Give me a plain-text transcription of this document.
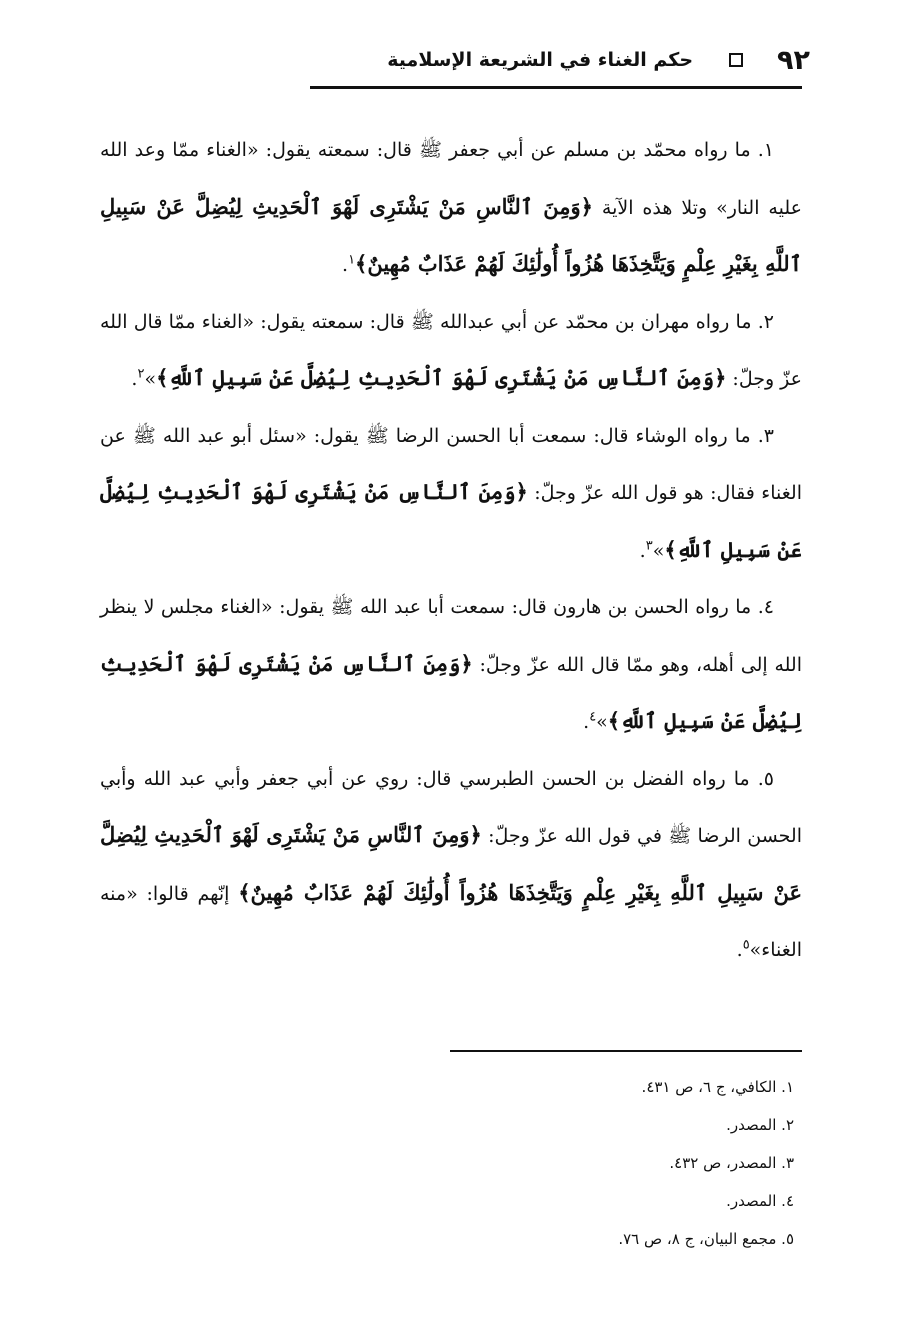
٩٢
حكم الغناء في الشريعة الإسلامية

١. ما رواه محمّد بن مسلم عن أبي جعفر ﷺ قال: سمعته يقول: «الغناء ممّا وعد الله عليه النار» وتلا هذه الآية ﴿وَمِنَ ٱلنَّاسِ مَنْ يَشْتَرِى لَهْوَ ٱلْحَدِيثِ لِيُضِلَّ عَنْ سَبِيلِ ٱللَّهِ بِغَيْرِ عِلْمٍ وَيَتَّخِذَهَا هُزُواً أُولَٰئِكَ لَهُمْ عَذَابٌ مُهِينٌ﴾$^١$.

٢. ما رواه مهران بن محمّد عن أبي عبدالله ﷺ قال: سمعته يقول: «الغناء ممّا قال الله عزّ وجلّ: ﴿وَمِنَ ٱلنَّاسِ مَنْ يَشْتَرِى لَهْوَ ٱلْحَدِيثِ لِيُضِلَّ عَنْ سَبِيلِ ٱللَّهِ﴾»$^٢$.

٣. ما رواه الوشاء قال: سمعت أبا الحسن الرضا ﷺ يقول: «سئل أبو عبد الله ﷺ عن الغناء فقال: هو قول الله عزّ وجلّ: ﴿وَمِنَ ٱلنَّاسِ مَنْ يَشْتَرِى لَهْوَ ٱلْحَدِيثِ لِيُضِلَّ عَنْ سَبِيلِ ٱللَّهِ﴾»$^٣$.

٤. ما رواه الحسن بن هارون قال: سمعت أبا عبد الله ﷺ يقول: «الغناء مجلس لا ينظر الله إلى أهله، وهو ممّا قال الله عزّ وجلّ: ﴿وَمِنَ ٱلنَّاسِ مَنْ يَشْتَرِى لَهْوَ ٱلْحَدِيثِ لِيُضِلَّ عَنْ سَبِيلِ ٱللَّهِ﴾»$^٤$.

٥. ما رواه الفضل بن الحسن الطبرسي قال: روي عن أبي جعفر وأبي عبد الله وأبي الحسن الرضا ﷺ في قول الله عزّ وجلّ: ﴿وَمِنَ ٱلنَّاسِ مَنْ يَشْتَرِى لَهْوَ ٱلْحَدِيثِ لِيُضِلَّ عَنْ سَبِيلِ ٱللَّهِ بِغَيْرِ عِلْمٍ وَيَتَّخِذَهَا هُزُواً أُولَٰئِكَ لَهُمْ عَذَابٌ مُهِينٌ﴾ إنّهم قالوا: «منه الغناء»$^٥$.

١. الكافي، ج ٦، ص ٤٣١.
٢. المصدر.
٣. المصدر، ص ٤٣٢.
٤. المصدر.
٥. مجمع البيان، ج ٨، ص ٧٦.
